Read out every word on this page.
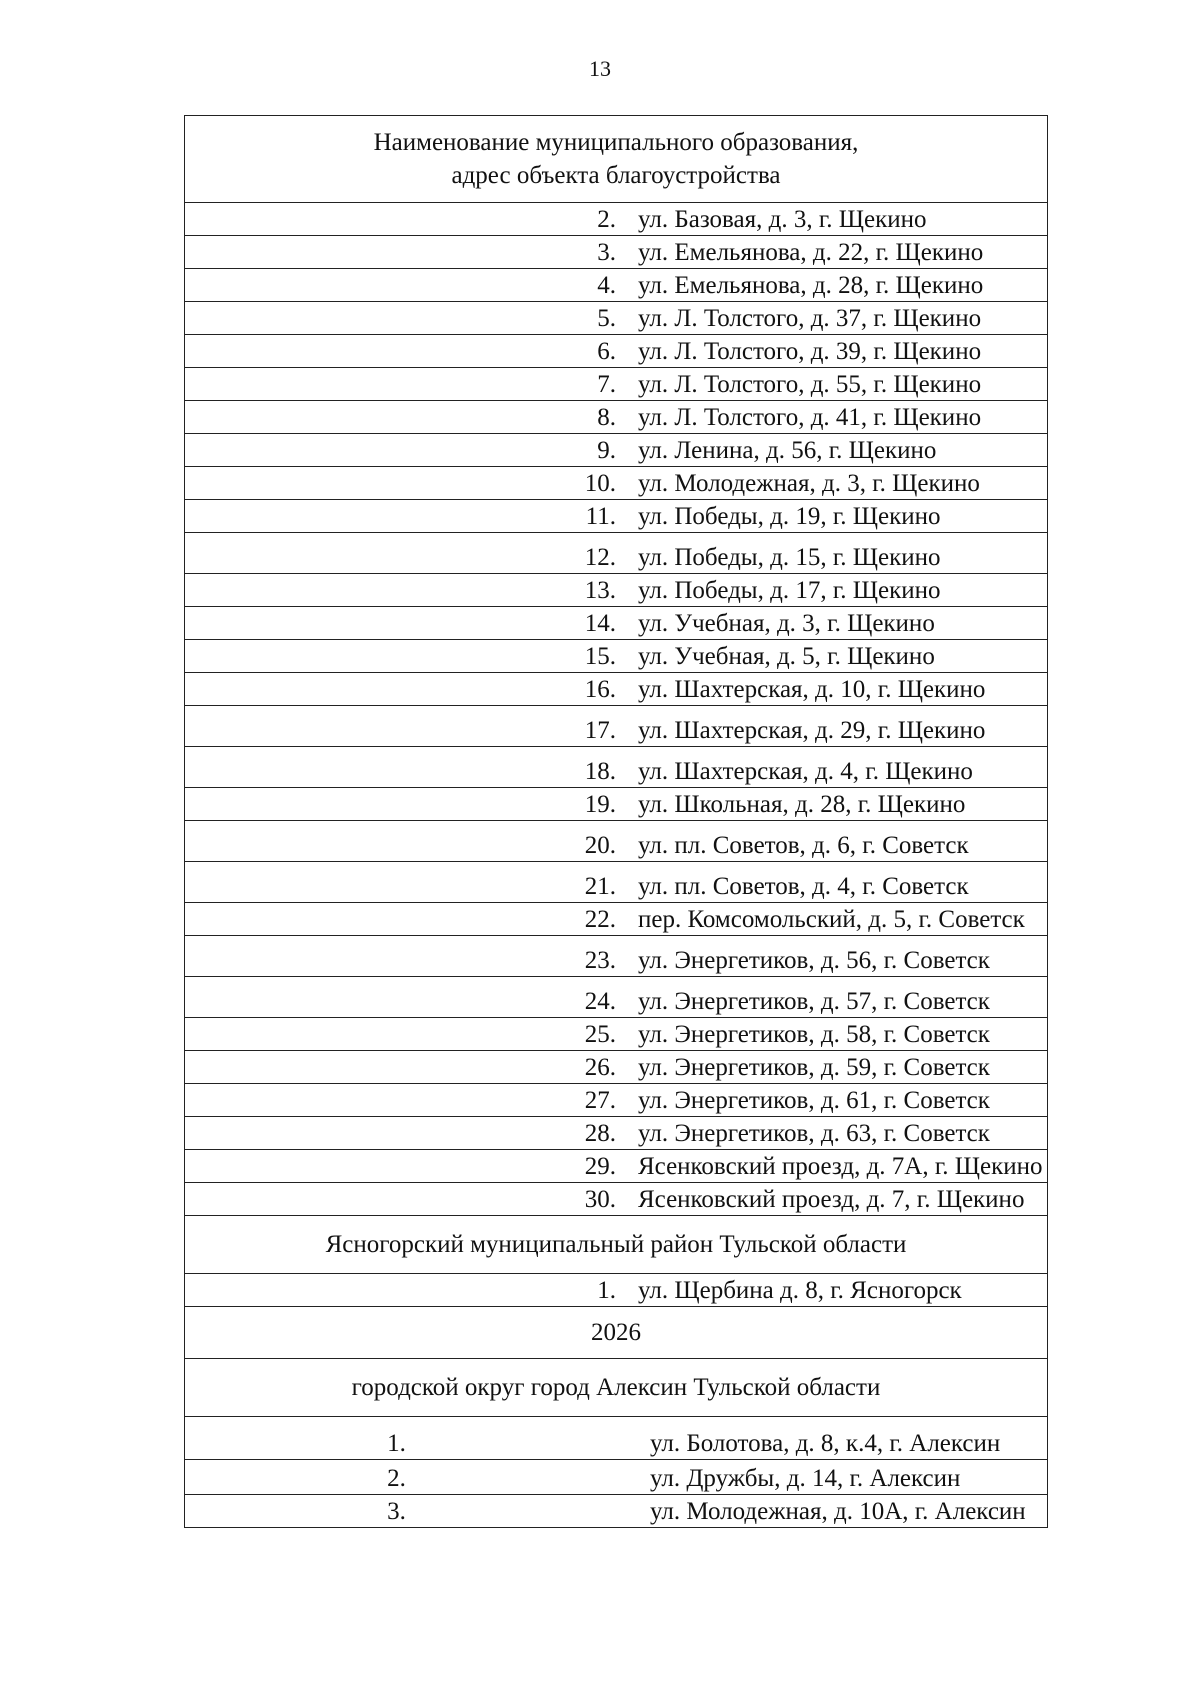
13
Наименование муниципального образования,
адрес объекта благоустройства	

2.	ул. Базовая, д. 3, г. Щекино
3.	ул. Емельянова, д. 22, г. Щекино
4.	ул. Емельянова, д. 28, г. Щекино
5.	ул. Л. Толстого, д. 37, г. Щекино
6.	ул. Л. Толстого, д. 39, г. Щекино
7.	ул. Л. Толстого, д. 55, г. Щекино
8.	ул. Л. Толстого, д. 41, г. Щекино
9.	ул. Ленина, д. 56, г. Щекино
10.	ул. Молодежная, д. 3, г. Щекино
11.	ул. Победы, д. 19, г. Щекино
12.	ул. Победы, д. 15, г. Щекино
13.	ул. Победы, д. 17, г. Щекино
14.	ул. Учебная, д. 3, г. Щекино
15.	ул. Учебная, д. 5, г. Щекино
16.	ул. Шахтерская, д. 10, г. Щекино
17.	ул. Шахтерская, д. 29, г. Щекино
18.	ул. Шахтерская, д. 4, г. Щекино
19.	ул. Школьная, д. 28, г. Щекино
20.	ул. пл. Советов, д. 6, г. Советск
21.	ул. пл. Советов, д. 4, г. Советск
22.	пер. Комсомольский, д. 5, г. Советск
23.	ул. Энергетиков, д. 56, г. Советск
24.	ул. Энергетиков, д. 57, г. Советск
25.	ул. Энергетиков, д. 58, г. Советск
26.	ул. Энергетиков, д. 59, г. Советск
27.	ул. Энергетиков, д. 61, г. Советск
28.	ул. Энергетиков, д. 63, г. Советск
29.	Ясенковский проезд, д. 7А, г. Щекино
30.	Ясенковский проезд, д. 7, г. Щекино
Ясногорский муниципальный район Тульской области	
1.	ул. Щербина д. 8, г. Ясногорск
2026	
городской округ город Алексин Тульской области	
1.	ул. Болотова, д. 8, к.4, г. Алексин
2.	ул. Дружбы, д. 14, г. Алексин
3.	ул. Молодежная, д. 10А, г. Алексин
